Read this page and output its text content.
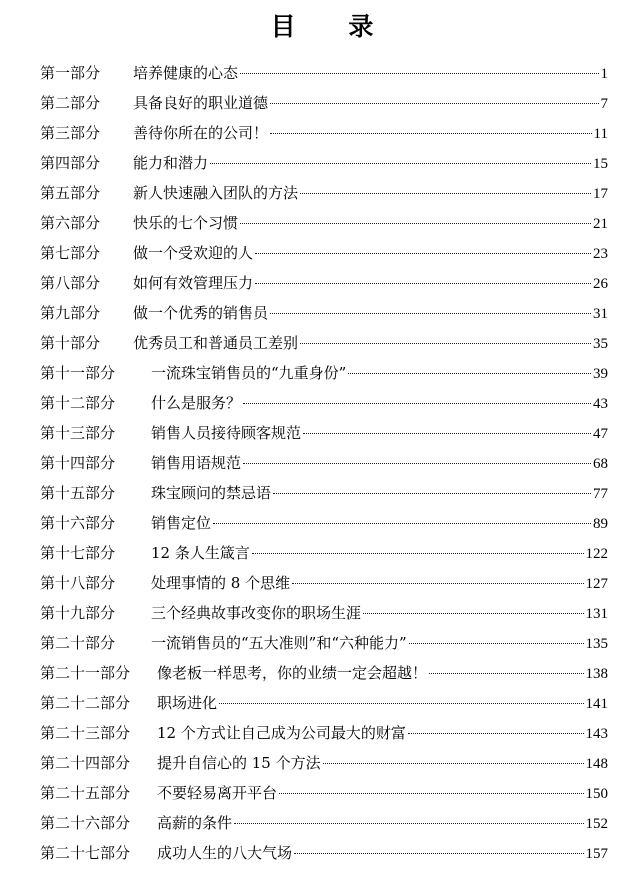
目 录
第一部分	培养健康的心态	1
第二部分	具备良好的职业道德	7
第三部分	善待你所在的公司！	11
第四部分	能力和潜力	15
第五部分	新人快速融入团队的方法	17
第六部分	快乐的七个习惯	21
第七部分	做一个受欢迎的人	23
第八部分	如何有效管理压力	26
第九部分	做一个优秀的销售员	31
第十部分	优秀员工和普通员工差别	35
第十一部分	一流珠宝销售员的“九重身份”	39
第十二部分	什么是服务？	43
第十三部分	销售人员接待顾客规范	47
第十四部分	销售用语规范	68
第十五部分	珠宝顾问的禁忌语	77
第十六部分	销售定位	89
第十七部分	12 条人生箴言	122
第十八部分	处理事情的 8 个思维	127
第十九部分	三个经典故事改变你的职场生涯	131
第二十部分	一流销售员的“五大准则”和“六种能力”	135
第二十一部分	像老板一样思考，你的业绩一定会超越！	138
第二十二部分	职场进化	141
第二十三部分	12 个方式让自己成为公司最大的财富	143
第二十四部分	提升自信心的 15 个方法	148
第二十五部分	不要轻易离开平台	150
第二十六部分	高薪的条件	152
第二十七部分	成功人生的八大气场	157
